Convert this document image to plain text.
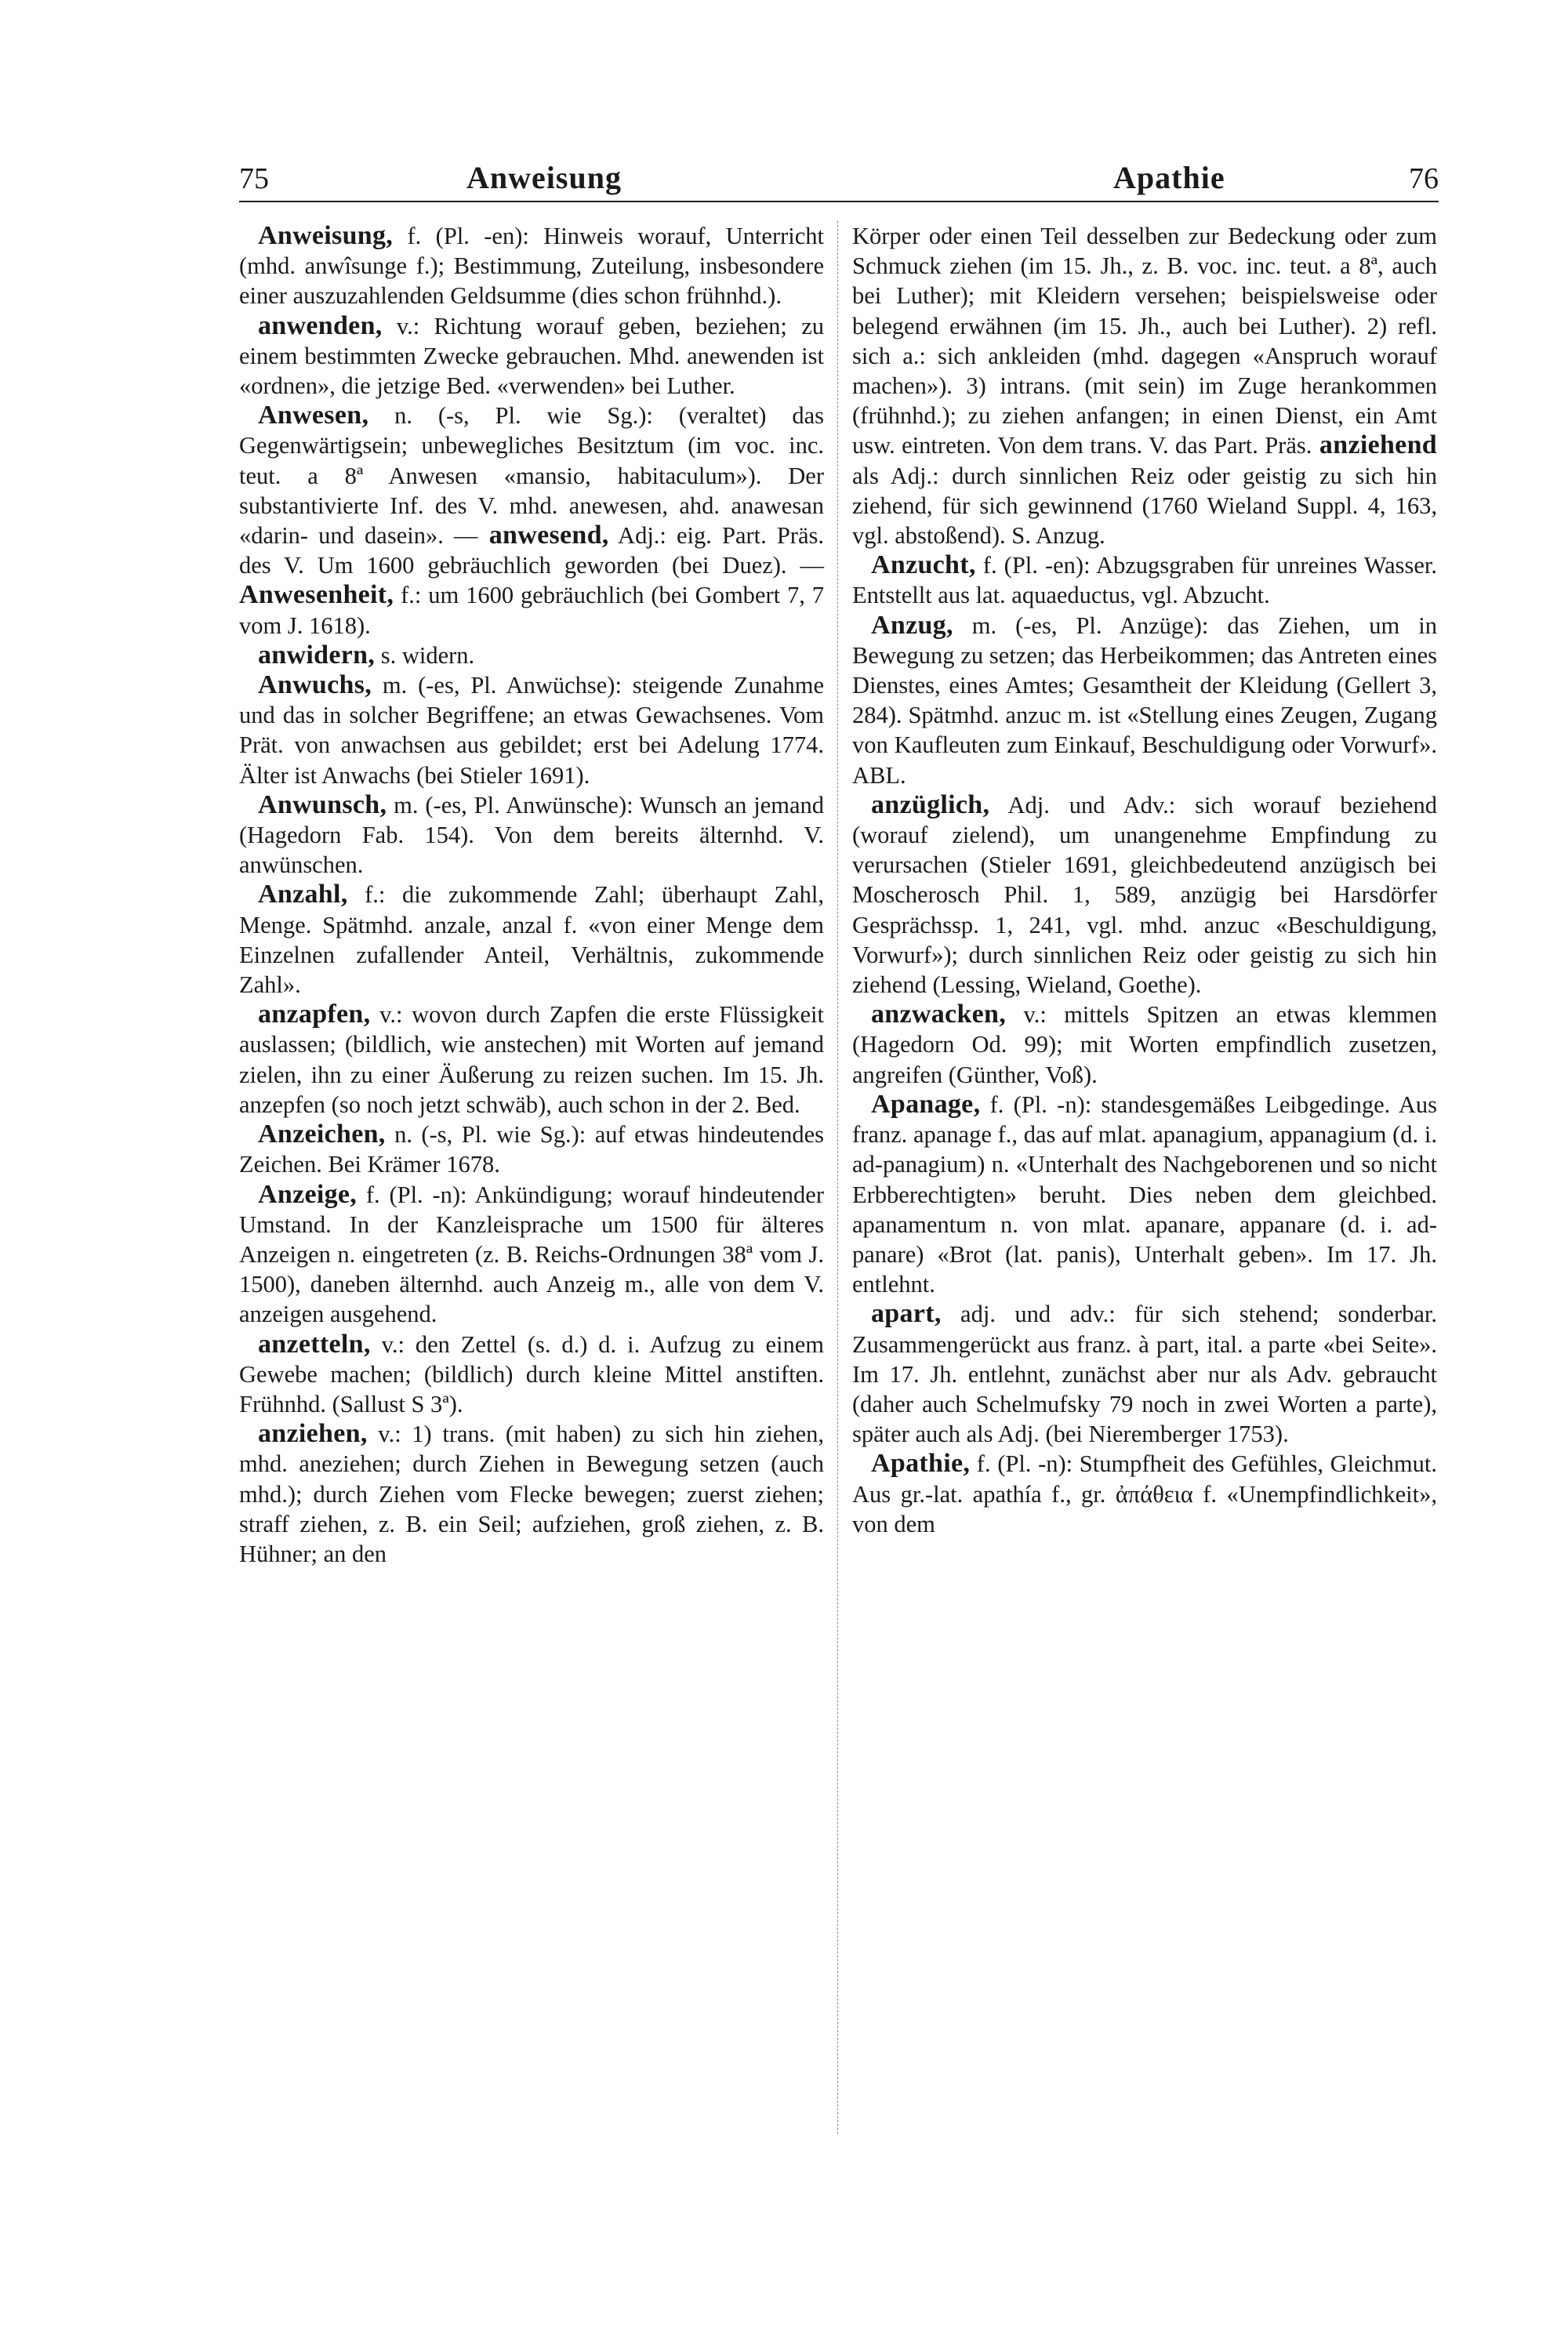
75	Anweisung	Apathie	76

Anweisung, f. (Pl. -en): Hinweis worauf, Unterricht (mhd. anwîsunge f.); Bestimmung, Zuteilung, insbesondere einer auszuzahlenden Geldsumme (dies schon frühnhd.).

anwenden, v.: Richtung worauf geben, beziehen; zu einem bestimmten Zwecke gebrauchen. Mhd. anewenden ist «ordnen», die jetzige Bed. «verwenden» bei Luther.

Anwesen, n. (-s, Pl. wie Sg.): (veraltet) das Gegenwärtigsein; unbewegliches Besitztum (im voc. inc. teut. a 8ª Anwesen «mansio, habitaculum»). Der substantivierte Inf. des V. mhd. anewesen, ahd. anawesan «darin- und dasein». — anwesend, Adj.: eig. Part. Präs. des V. Um 1600 gebräuchlich geworden (bei Duez). — Anwesenheit, f.: um 1600 gebräuchlich (bei Gombert 7, 7 vom J. 1618).

anwidern, s. widern.

Anwuchs, m. (-es, Pl. Anwüchse): steigende Zunahme und das in solcher Begriffene; an etwas Gewachsenes. Vom Prät. von anwachsen aus gebildet; erst bei Adelung 1774. Älter ist Anwachs (bei Stieler 1691).

Anwunsch, m. (-es, Pl. Anwünsche): Wunsch an jemand (Hagedorn Fab. 154). Von dem bereits älternhd. V. anwünschen.

Anzahl, f.: die zukommende Zahl; überhaupt Zahl, Menge. Spätmhd. anzale, anzal f. «von einer Menge dem Einzelnen zufallender Anteil, Verhältnis, zukommende Zahl».

anzapfen, v.: wovon durch Zapfen die erste Flüssigkeit auslassen; (bildlich, wie anstechen) mit Worten auf jemand zielen, ihn zu einer Äußerung zu reizen suchen. Im 15. Jh. anzepfen (so noch jetzt schwäb), auch schon in der 2. Bed.

Anzeichen, n. (-s, Pl. wie Sg.): auf etwas hindeutendes Zeichen. Bei Krämer 1678.

Anzeige, f. (Pl. -n): Ankündigung; worauf hindeutender Umstand. In der Kanzleisprache um 1500 für älteres Anzeigen n. eingetreten (z. B. Reichs-Ordnungen 38ª vom J. 1500), daneben älternhd. auch Anzeig m., alle von dem V. anzeigen ausgehend.

anzetteln, v.: den Zettel (s. d.) d. i. Aufzug zu einem Gewebe machen; (bildlich) durch kleine Mittel anstiften. Frühnhd. (Sallust S 3ª).

anziehen, v.: 1) trans. (mit haben) zu sich hin ziehen, mhd. aneziehen; durch Ziehen in Bewegung setzen (auch mhd.); durch Ziehen vom Flecke bewegen; zuerst ziehen; straff ziehen, z. B. ein Seil; aufziehen, groß ziehen, z. B. Hühner; an den

Körper oder einen Teil desselben zur Bedeckung oder zum Schmuck ziehen (im 15. Jh., z. B. voc. inc. teut. a 8ª, auch bei Luther); mit Kleidern versehen; beispielsweise oder belegend erwähnen (im 15. Jh., auch bei Luther). 2) refl. sich a.: sich ankleiden (mhd. dagegen «Anspruch worauf machen»). 3) intrans. (mit sein) im Zuge herankommen (frühnhd.); zu ziehen anfangen; in einen Dienst, ein Amt usw. eintreten. Von dem trans. V. das Part. Präs. anziehend als Adj.: durch sinnlichen Reiz oder geistig zu sich hin ziehend, für sich gewinnend (1760 Wieland Suppl. 4, 163, vgl. abstoßend). S. Anzug.

Anzucht, f. (Pl. -en): Abzugsgraben für unreines Wasser. Entstellt aus lat. aquaeductus, vgl. Abzucht.

Anzug, m. (-es, Pl. Anzüge): das Ziehen, um in Bewegung zu setzen; das Herbeikommen; das Antreten eines Dienstes, eines Amtes; Gesamtheit der Kleidung (Gellert 3, 284). Spätmhd. anzuc m. ist «Stellung eines Zeugen, Zugang von Kaufleuten zum Einkauf, Beschuldigung oder Vorwurf». ABL.

anzüglich, Adj. und Adv.: sich worauf beziehend (worauf zielend), um unangenehme Empfindung zu verursachen (Stieler 1691, gleichbedeutend anzügisch bei Moscherosch Phil. 1, 589, anzügig bei Harsdörfer Gesprächssp. 1, 241, vgl. mhd. anzuc «Beschuldigung, Vorwurf»); durch sinnlichen Reiz oder geistig zu sich hin ziehend (Lessing, Wieland, Goethe).

anzwacken, v.: mittels Spitzen an etwas klemmen (Hagedorn Od. 99); mit Worten empfindlich zusetzen, angreifen (Günther, Voß).

Apanage, f. (Pl. -n): standesgemäßes Leibgedinge. Aus franz. apanage f., das auf mlat. apanagium, appanagium (d. i. ad-panagium) n. «Unterhalt des Nachgeborenen und so nicht Erbberechtigten» beruht. Dies neben dem gleichbed. apanamentum n. von mlat. apanare, appanare (d. i. ad-panare) «Brot (lat. panis), Unterhalt geben». Im 17. Jh. entlehnt.

apart, adj. und adv.: für sich stehend; sonderbar. Zusammengerückt aus franz. à part, ital. a parte «bei Seite». Im 17. Jh. entlehnt, zunächst aber nur als Adv. gebraucht (daher auch Schelmufsky 79 noch in zwei Worten a parte), später auch als Adj. (bei Nieremberger 1753).

Apathie, f. (Pl. -n): Stumpfheit des Gefühles, Gleichmut. Aus gr.-lat. apathía f., gr. ἀπάθεια f. «Unempfindlichkeit», von dem
